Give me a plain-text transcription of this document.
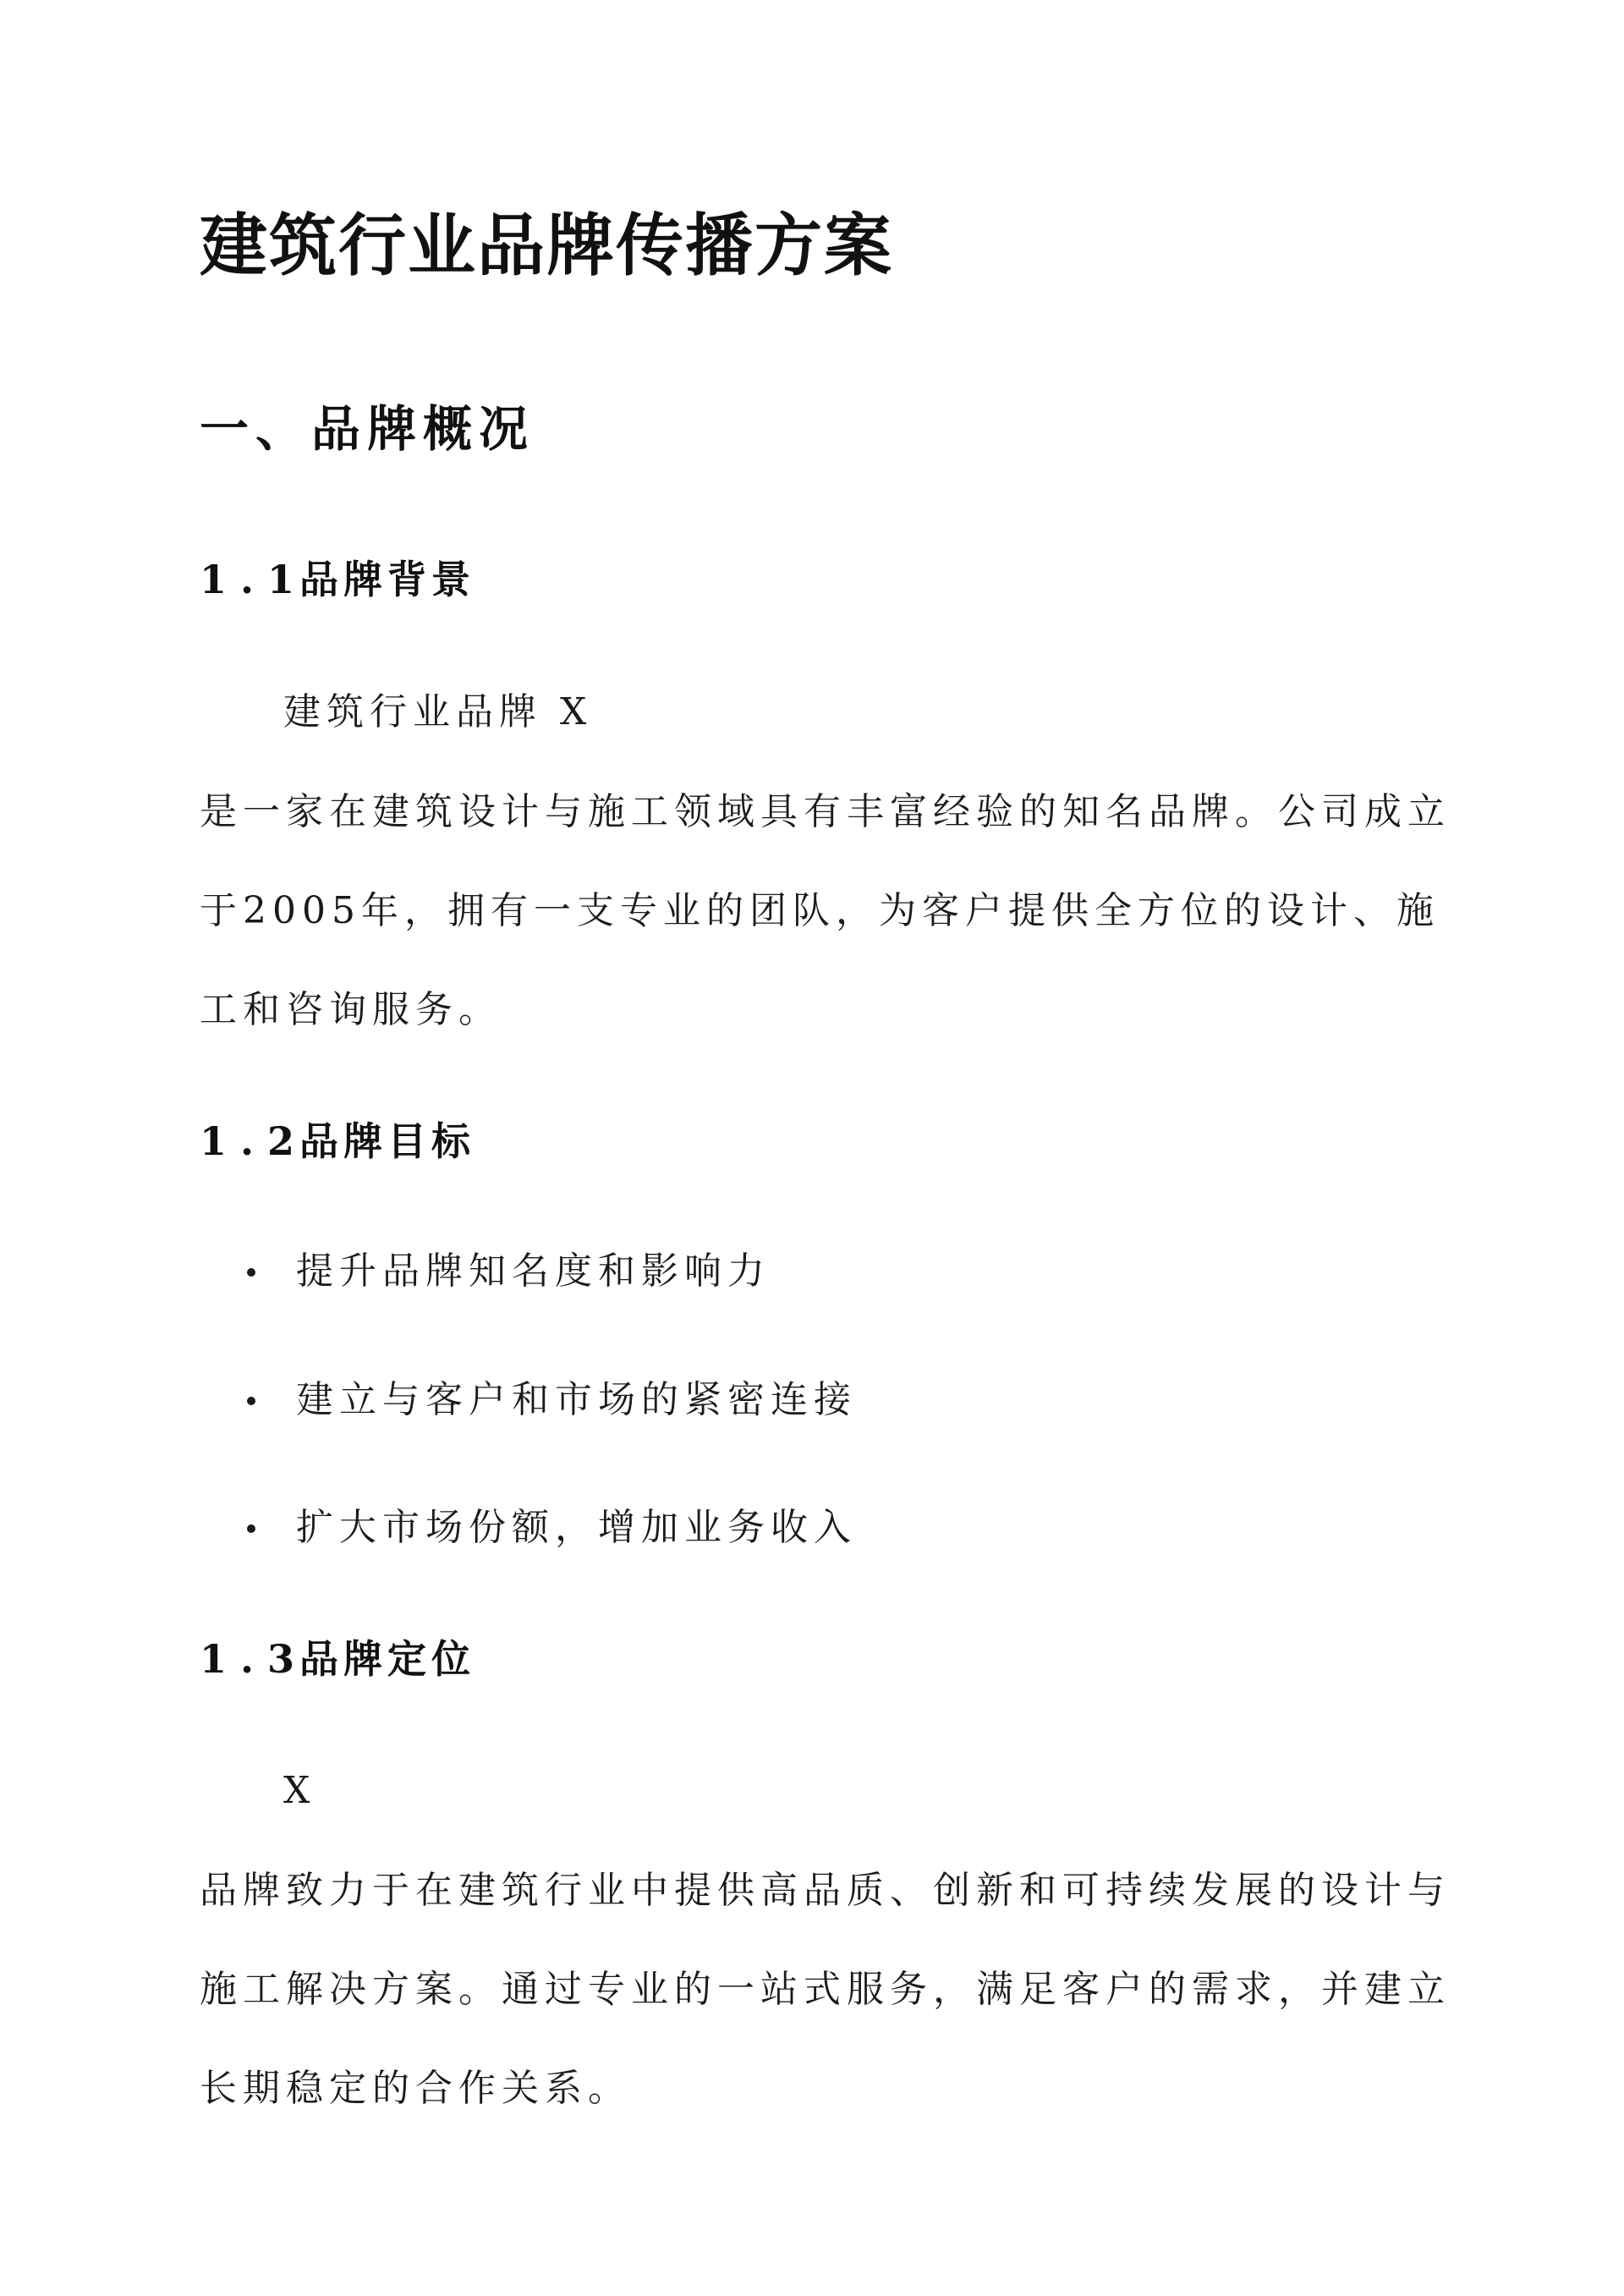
建筑行业品牌传播方案
一、品牌概况
1.1品牌背景

建筑行业品牌 X

是一家在建筑设计与施工领域具有丰富经验的知名品牌。公司成立

于2005年，拥有一支专业的团队，为客户提供全方位的设计、施

工和咨询服务。

1.2品牌目标
提升品牌知名度和影响力
建立与客户和市场的紧密连接
扩大市场份额，增加业务收入
1.3品牌定位

X

品牌致力于在建筑行业中提供高品质、创新和可持续发展的设计与

施工解决方案。通过专业的一站式服务，满足客户的需求，并建立

长期稳定的合作关系。
